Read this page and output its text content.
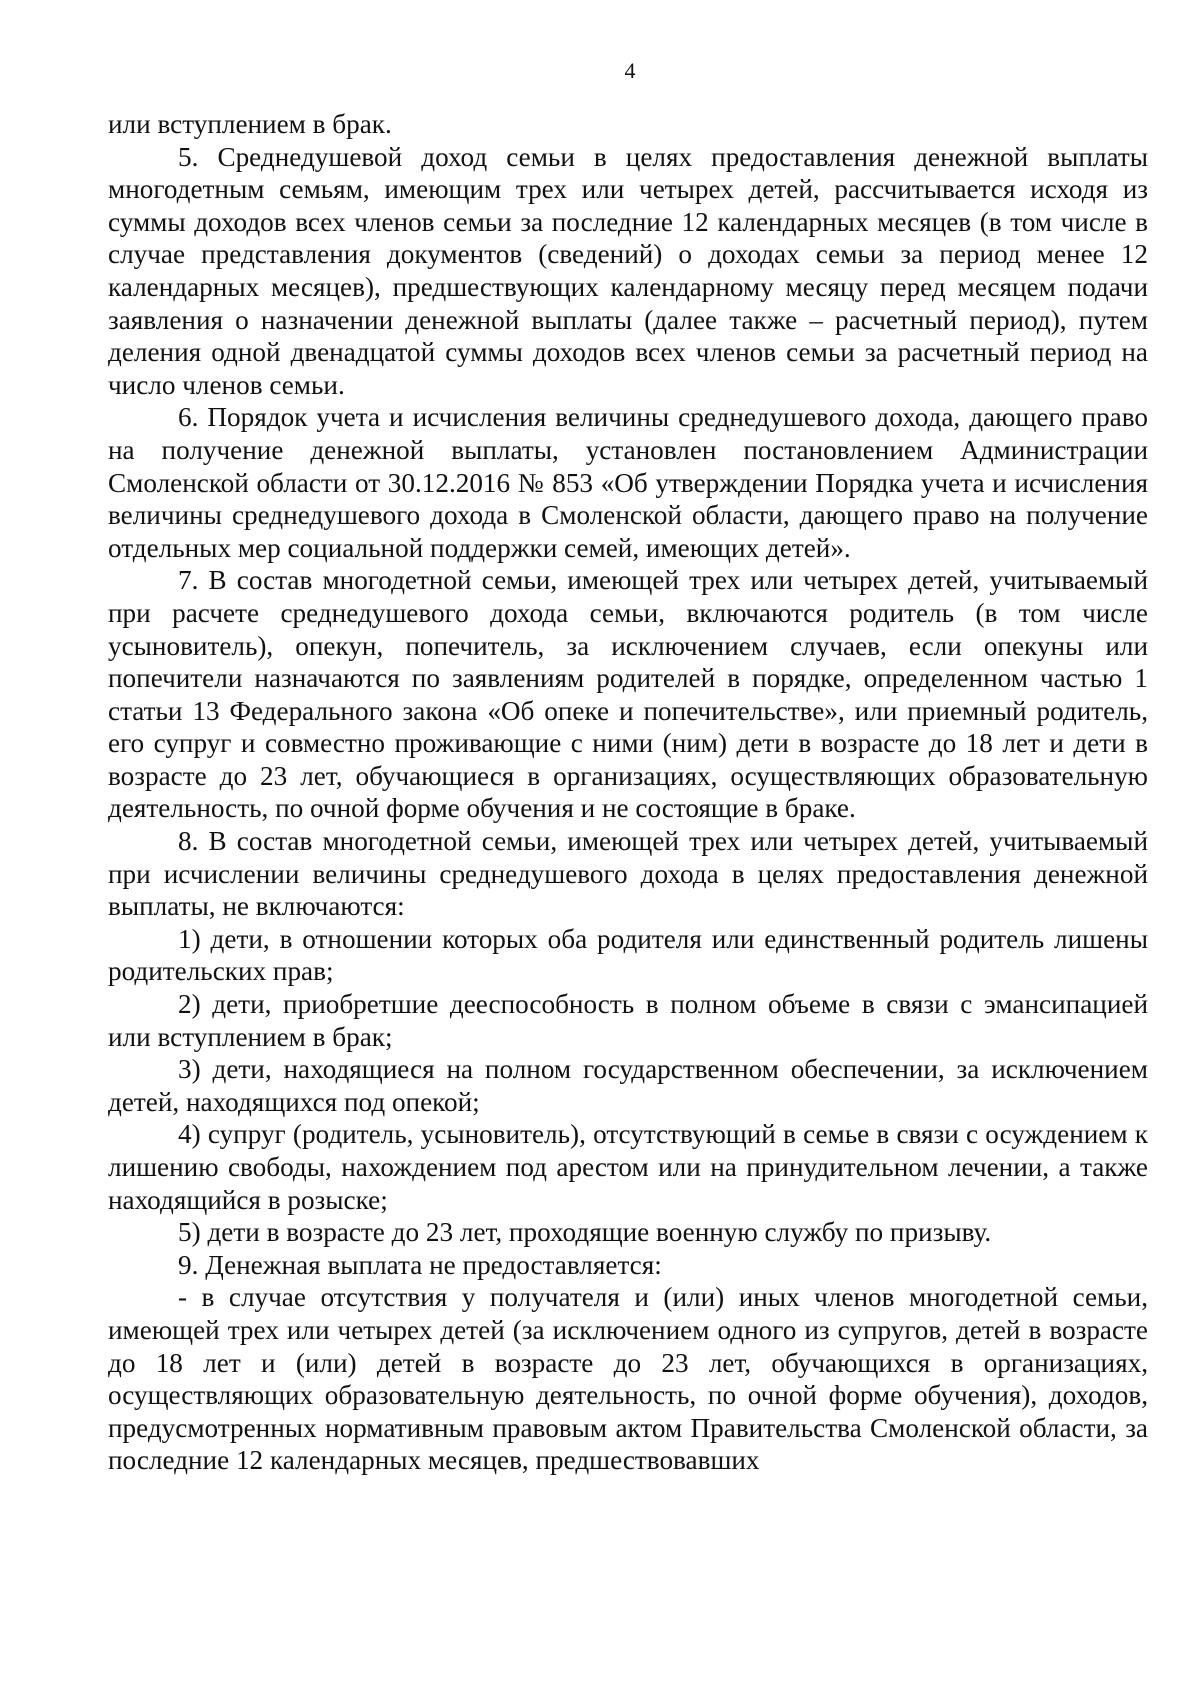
4

или вступлением в брак.

5. Среднедушевой доход семьи в целях предоставления денежной выплаты многодетным семьям, имеющим трех или четырех детей, рассчитывается исходя из суммы доходов всех членов семьи за последние 12 календарных месяцев (в том числе в случае представления документов (сведений) о доходах семьи за период менее 12 календарных месяцев), предшествующих календарному месяцу перед месяцем подачи заявления о назначении денежной выплаты (далее также – расчетный период), путем деления одной двенадцатой суммы доходов всех членов семьи за расчетный период на число членов семьи.

6. Порядок учета и исчисления величины среднедушевого дохода, дающего право на получение денежной выплаты, установлен постановлением Администрации Смоленской области от 30.12.2016 № 853 «Об утверждении Порядка учета и исчисления величины среднедушевого дохода в Смоленской области, дающего право на получение отдельных мер социальной поддержки семей, имеющих детей».

7. В состав многодетной семьи, имеющей трех или четырех детей, учитываемый при расчете среднедушевого дохода семьи, включаются родитель (в том числе усыновитель), опекун, попечитель, за исключением случаев, если опекуны или попечители назначаются по заявлениям родителей в порядке, определенном частью 1 статьи 13 Федерального закона «Об опеке и попечительстве», или приемный родитель, его супруг и совместно проживающие с ними (ним) дети в возрасте до 18 лет и дети в возрасте до 23 лет, обучающиеся в организациях, осуществляющих образовательную деятельность, по очной форме обучения и не состоящие в браке.

8. В состав многодетной семьи, имеющей трех или четырех детей, учитываемый при исчислении величины среднедушевого дохода в целях предоставления денежной выплаты, не включаются:

1) дети, в отношении которых оба родителя или единственный родитель лишены родительских прав;

2) дети, приобретшие дееспособность в полном объеме в связи с эмансипацией или вступлением в брак;

3) дети, находящиеся на полном государственном обеспечении, за исключением детей, находящихся под опекой;

4) супруг (родитель, усыновитель), отсутствующий в семье в связи с осуждением к лишению свободы, нахождением под арестом или на принудительном лечении, а также находящийся в розыске;

5) дети в возрасте до 23 лет, проходящие военную службу по призыву.

9. Денежная выплата не предоставляется:

- в случае отсутствия у получателя и (или) иных членов многодетной семьи, имеющей трех или четырех детей (за исключением одного из супругов, детей в возрасте до 18 лет и (или) детей в возрасте до 23 лет, обучающихся в организациях, осуществляющих образовательную деятельность, по очной форме обучения), доходов, предусмотренных нормативным правовым актом Правительства Смоленской области, за последние 12 календарных месяцев, предшествовавших
